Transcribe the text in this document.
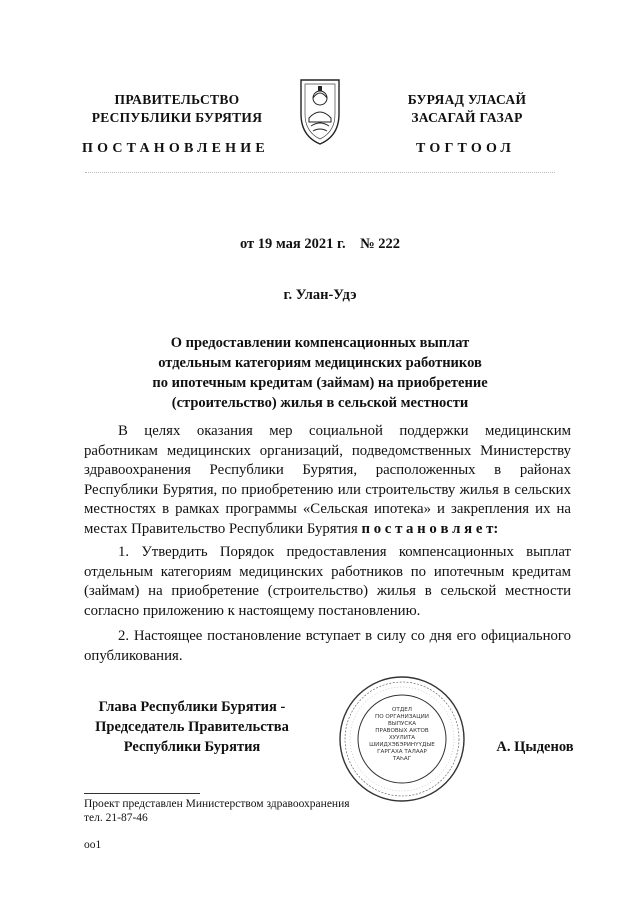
ПРАВИТЕЛЬСТВО
РЕСПУБЛИКИ БУРЯТИЯ
БУРЯАД УЛАСАЙ
ЗАСАГАЙ ГАЗАР
ПОСТАНОВЛЕНИЕ	ТОГТООЛ
от 19 мая 2021 г.    № 222
г. Улан-Удэ
О предоставлении компенсационных выплат
отдельным категориям медицинских работников
по ипотечным кредитам (займам) на приобретение
(строительство) жилья в сельской местности
В целях оказания мер социальной поддержки медицинским работникам медицинских организаций, подведомственных Министерству здравоохранения Республики Бурятия, расположенных в районах Республики Бурятия, по приобретению или строительству жилья в сельских местностях в рамках программы «Сельская ипотека» и закрепления их на местах Правительство Республики Бурятия п о с т а н о в л я е т:
1. Утвердить Порядок предоставления компенсационных выплат отдельным категориям медицинских работников по ипотечным кредитам (займам) на приобретение (строительство) жилья в сельской местности согласно приложению к настоящему постановлению.
2. Настоящее постановление вступает в силу со дня его официального опубликования.
Глава Республики Бурятия -
Председатель Правительства
Республики Бурятия
ОТДЕЛ
ПО ОРГАНИЗАЦИИ
ВЫПУСКА
ПРАВОВЫХ АКТОВ
ХУУЛИТА
ШИИДХЭБЭРИНҮҮДЫЕ
ГАРГАХА ТАЛААР
ТАҺАГ
А. Цыденов
Проект представлен Министерством здравоохранения
тел. 21-87-46
оо1
